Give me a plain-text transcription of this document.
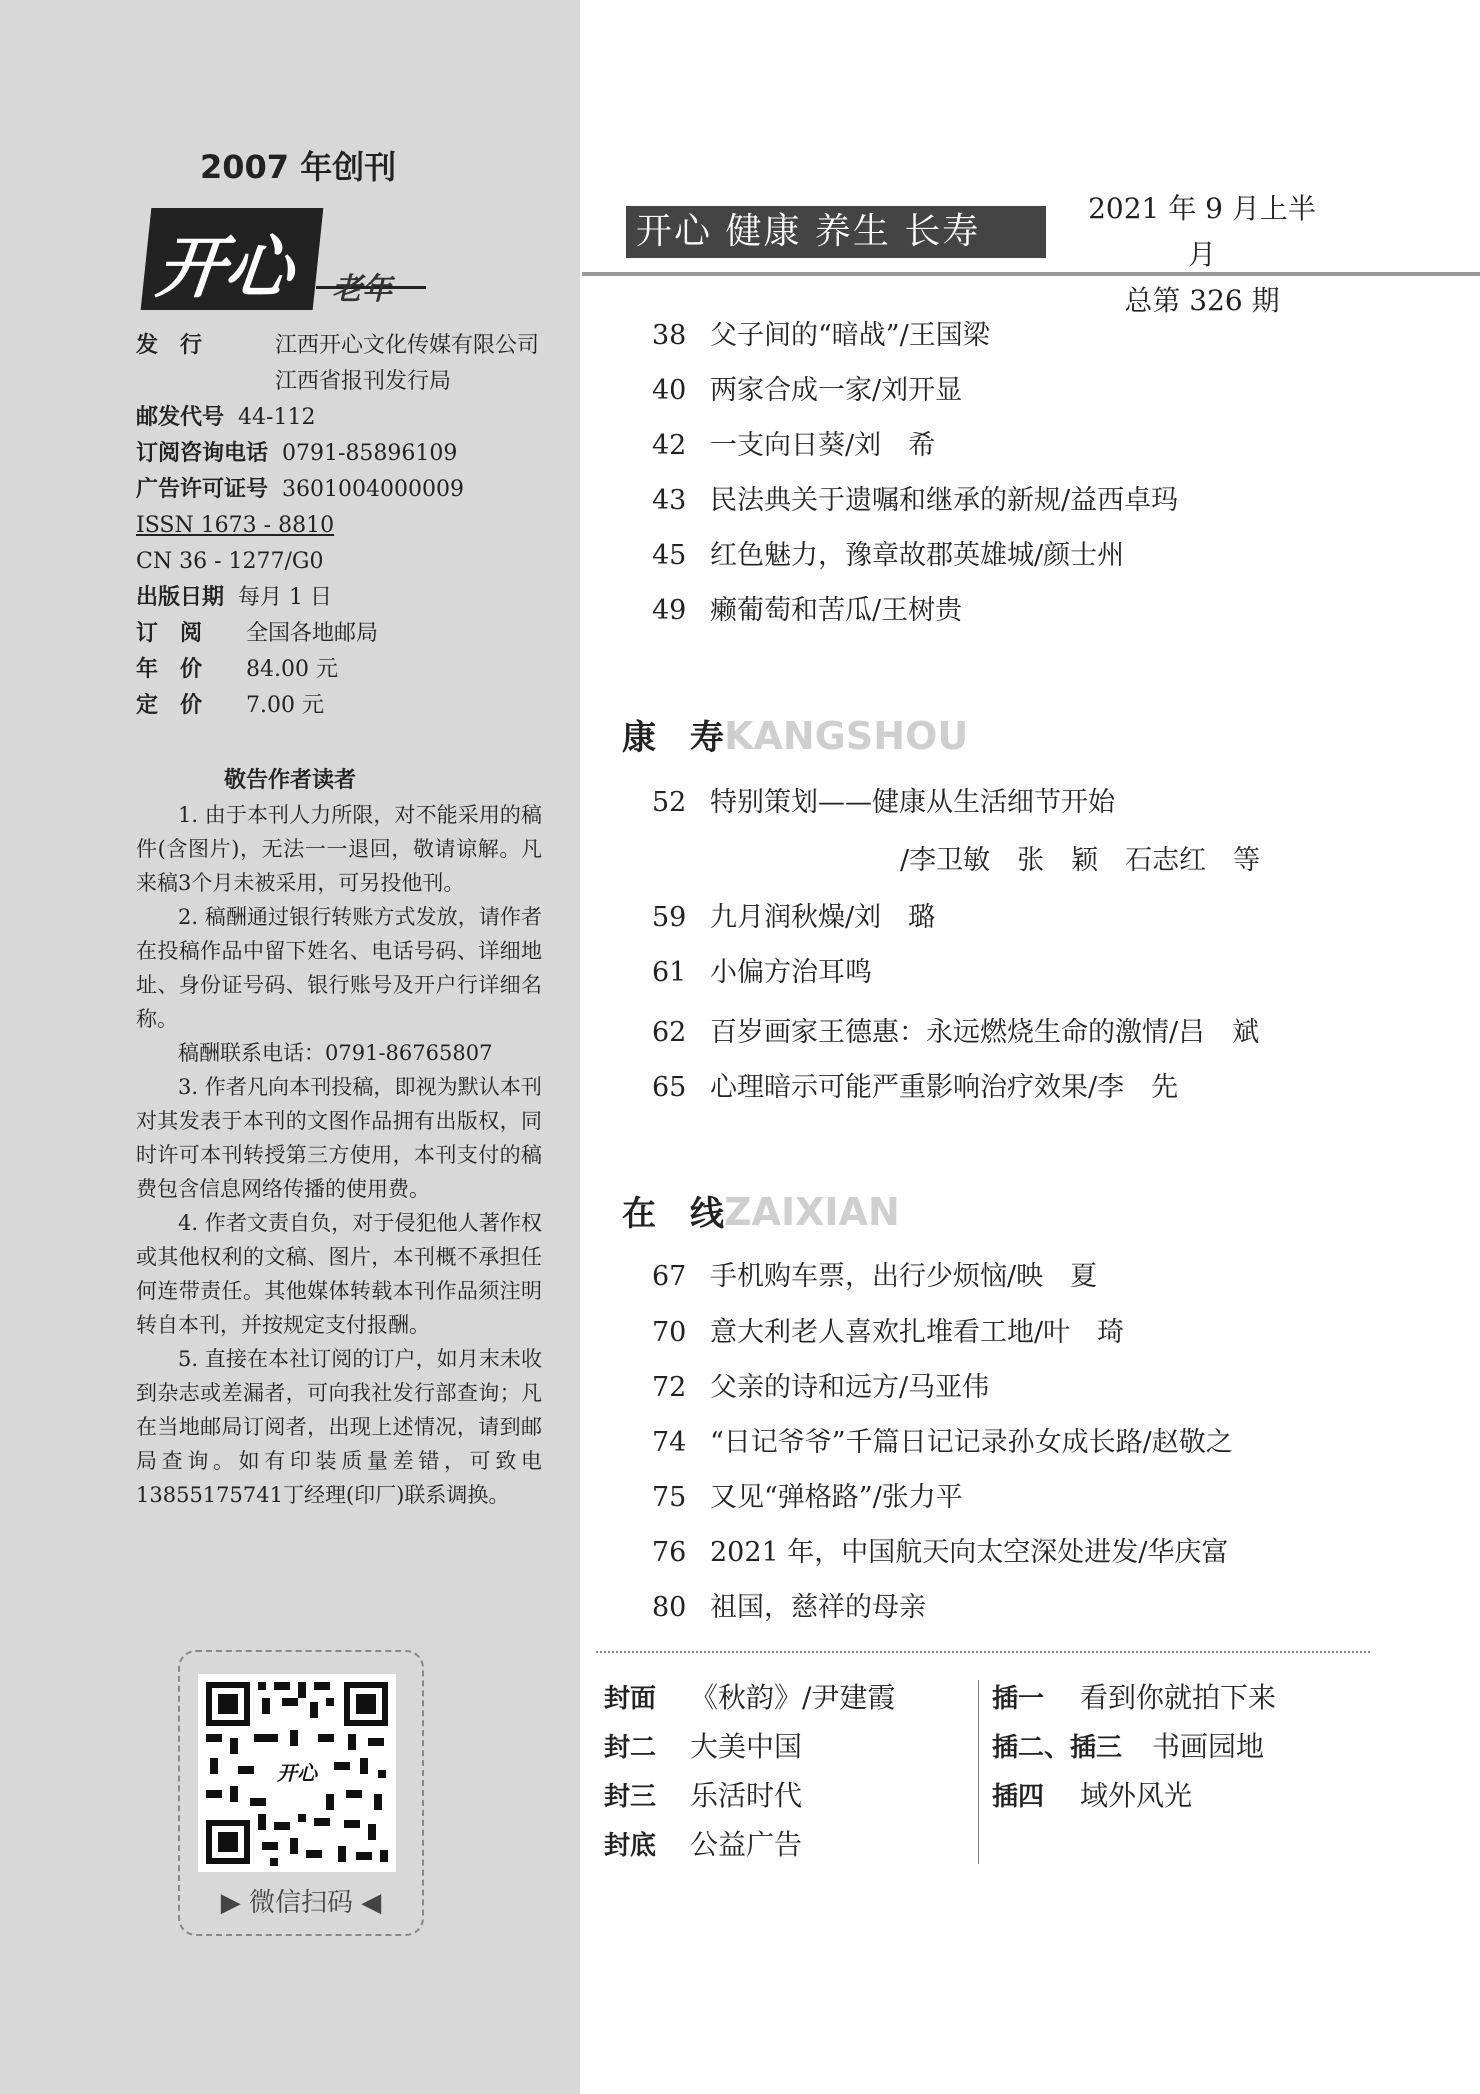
2007 年创刊
开心 老年
发　行	江西开心文化传媒有限公司
江西省报刊发行局
邮发代号 44-112
订阅咨询电话 0791-85896109
广告许可证号 3601004000009
ISSN 1673 - 8810
CN 36 - 1277/G0
出版日期 每月 1 日
订　阅	全国各地邮局
年　价	84.00 元
定　价	7.00 元
敬告作者读者

1. 由于本刊人力所限，对不能采用的稿件(含图片)，无法一一退回，敬请谅解。凡来稿3个月未被采用，可另投他刊。

2. 稿酬通过银行转账方式发放，请作者在投稿作品中留下姓名、电话号码、详细地址、身份证号码、银行账号及开户行详细名称。

稿酬联系电话：0791-86765807

3. 作者凡向本刊投稿，即视为默认本刊对其发表于本刊的文图作品拥有出版权，同时许可本刊转授第三方使用，本刊支付的稿费包含信息网络传播的使用费。

4. 作者文责自负，对于侵犯他人著作权或其他权利的文稿、图片，本刊概不承担任何连带责任。其他媒体转载本刊作品须注明转自本刊，并按规定支付报酬。

5. 直接在本社订阅的订户，如月末未收到杂志或差漏者，可向我社发行部查询；凡在当地邮局订阅者，出现上述情况，请到邮局查询。如有印装质量差错，可致电13855175741丁经理(印厂)联系调换。

开心
▶ 微信扫码 ◀
开心 健康 养生 长寿
2021 年 9 月上半月
总第 326 期
38 父子间的“暗战”/王国梁
40 两家合成一家/刘开显
42 一支向日葵/刘　希
43 民法典关于遗嘱和继承的新规/益西卓玛
45 红色魅力，豫章故郡英雄城/颜士州
49 癞葡萄和苦瓜/王树贵
康　寿KANGSHOU
52 特别策划——健康从生活细节开始
/李卫敏　张　颖　石志红　等
59 九月润秋燥/刘　璐
61 小偏方治耳鸣
62 百岁画家王德惠：永远燃烧生命的激情/吕　斌
65 心理暗示可能严重影响治疗效果/李　先
在　线ZAIXIAN
67 手机购车票，出行少烦恼/映　夏
70 意大利老人喜欢扎堆看工地/叶　琦
72 父亲的诗和远方/马亚伟
74 “日记爷爷”千篇日记记录孙女成长路/赵敬之
75 又见“弹格路”/张力平
76 2021 年，中国航天向太空深处进发/华庆富
80 祖国，慈祥的母亲
封面 《秋韵》/尹建霞
封二 大美中国
封三 乐活时代
封底 公益广告
插一 看到你就拍下来
插二、插三 书画园地
插四 域外风光
